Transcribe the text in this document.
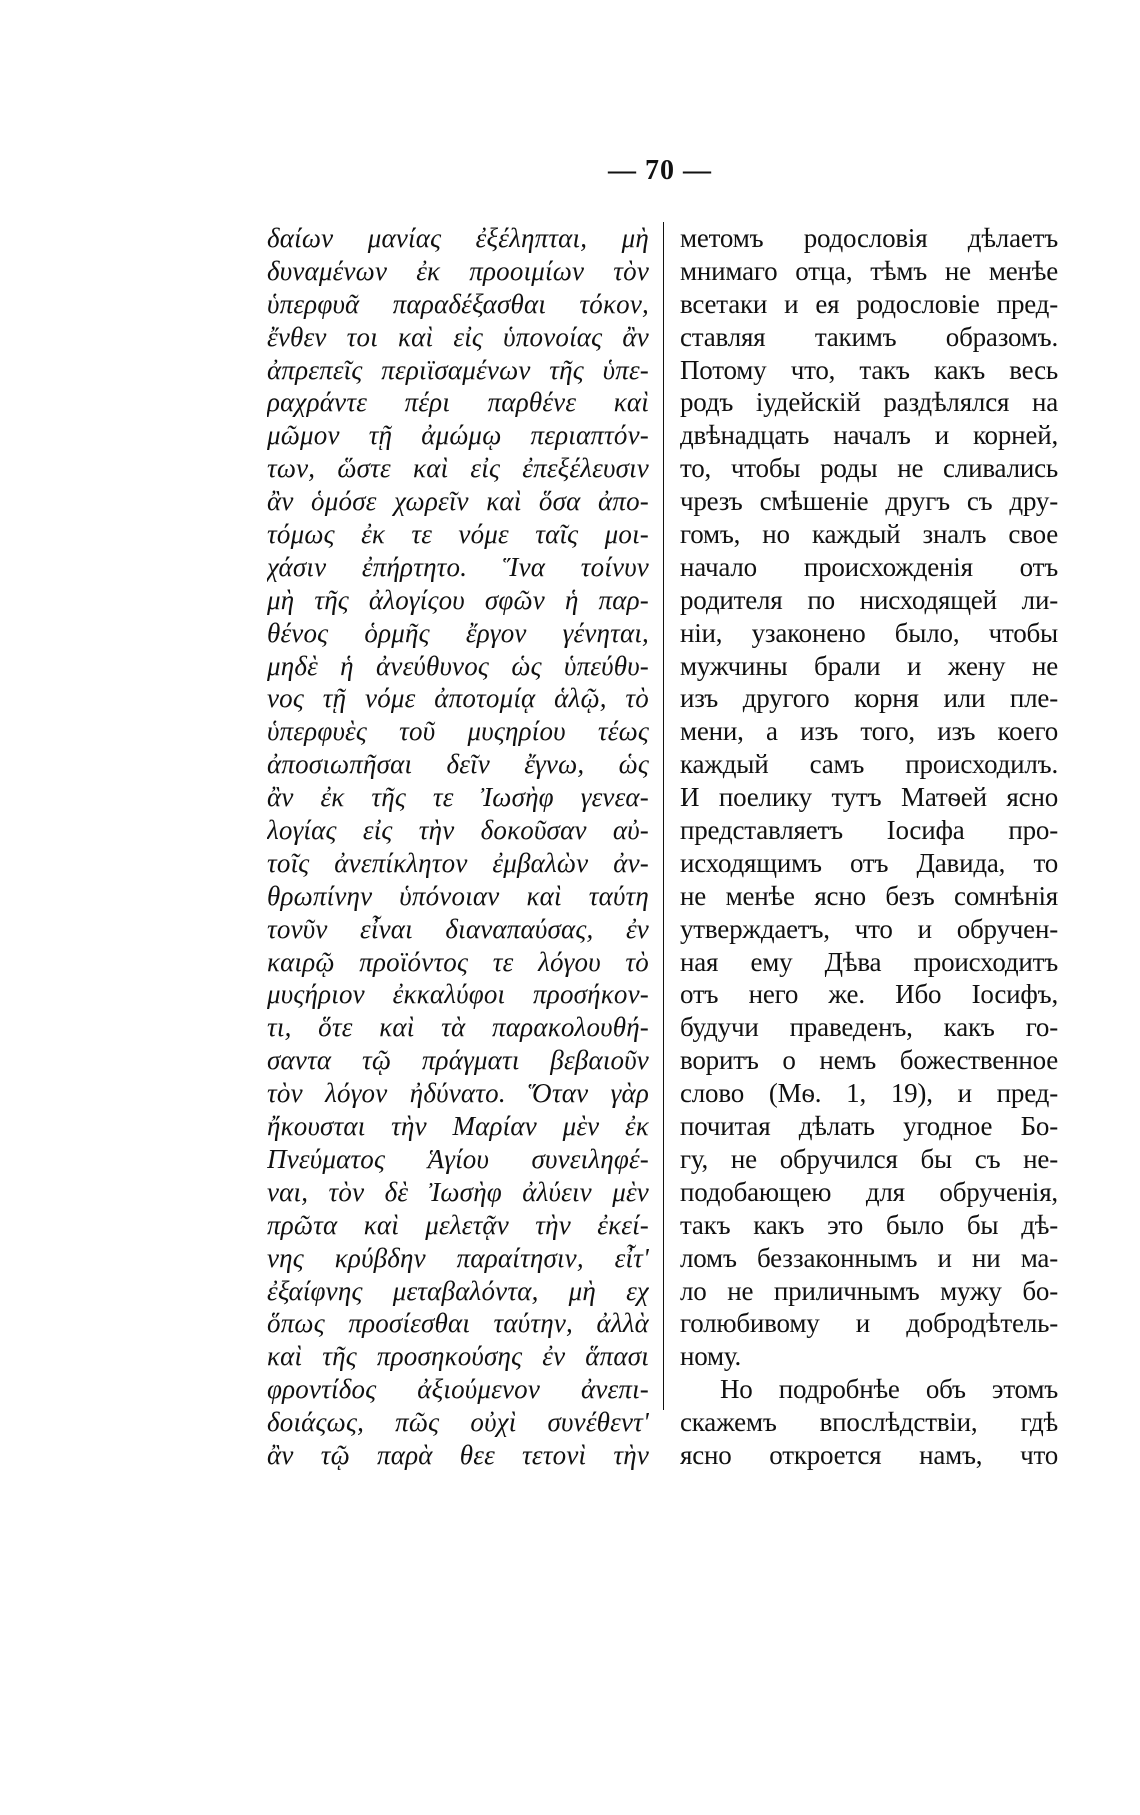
— 70 —
δαίων μανίας ἐξέληπται, μὴ
δυναμένων ἐκ προοιμίων τὸν
ὑπερφυᾶ παραδέξασθαι τόκον,
ἔνθεν τοι καὶ εἰς ὑπονοίας ἂν
ἀπρεπεῖς περιϊσαμένων τῆς ὑπε-
ραχράντε πέρι παρθένε καὶ
μῶμον τῇ ἀμώμῳ περιαπτόν-
των, ὥστε καὶ εἰς ἐπεξέλευσιν
ἂν ὁμόσε χωρεῖν καὶ ὅσα ἀπο-
τόμως ἐκ τε νόμε ταῖς μοι-
χάσιν ἐπήρτητο. Ἵνα τοίνυν
μὴ τῆς ἀλογίςου σφῶν ἡ παρ-
θένος ὁρμῆς ἔργον γένηται,
μηδὲ ἡ ἀνεύθυνος ὡς ὑπεύθυ-
νος τῇ νόμε ἀποτομίᾳ ἁλῷ, τὸ
ὑπερφυὲς τοῦ μυςηρίου τέως
ἀποσιωπῆσαι δεῖν ἔγνω, ὡς
ἂν ἐκ τῆς τε Ἰωσὴφ γενεα-
λογίας εἰς τὴν δοκοῦσαν αὐ-
τοῖς ἀνεπίκλητον ἐμβαλὼν ἀν-
θρωπίνην ὑπόνοιαν καὶ ταύτη
τονῦν εἶναι διαναπαύσας, ἐν
καιρῷ προϊόντος τε λόγου τὸ
μυςήριον ἐκκαλύφοι προσήκον-
τι, ὅτε καὶ τὰ παρακολουθή-
σαντα τῷ πράγματι βεβαιοῦν
τὸν λόγον ἠδύνατο. Ὅταν γὰρ
ἤκουσται τὴν Μαρίαν μὲν ἐκ
Πνεύματος Ἁγίου συνειληφέ-
ναι, τὸν δὲ Ἰωσὴφ ἀλύειν μὲν
πρῶτα καὶ μελετᾷν τὴν ἐκεί-
νης κρύβδην παραίτησιν, εἶτ'
ἐξαίφνης μεταβαλόντα, μὴ εχ
ὅπως προσίεσθαι ταύτην, ἀλλὰ
καὶ τῆς προσηκούσης ἐν ἅπασι
φροντίδος ἀξιούμενον ἀνεπι-
δοιάςως, πῶς οὐχὶ συνέθεντ'
ἂν τῷ παρὰ θεε τετονὶ τὴν
метомъ родословія дѣлаетъ
мнимаго отца, тѣмъ не менѣе
всетаки и ея родословіе пред-
ставляя такимъ образомъ.
Потому что, такъ какъ весь
родъ іудейскій раздѣлялся на
двѣнадцать началъ и корней,
то, чтобы роды не сливались
чрезъ смѣшеніе другъ съ дру-
гомъ, но каждый зналъ свое
начало происхожденія отъ
родителя по нисходящей ли-
ніи, узаконено было, чтобы
мужчины брали и жену не
изъ другого корня или пле-
мени, а изъ того, изъ коего
каждый самъ происходилъ.
И поелику тутъ Матѳей ясно
представляетъ Іосифа про-
исходящимъ отъ Давида, то
не менѣе ясно безъ сомнѣнія
утверждаетъ, что и обручен-
ная ему Дѣва происходитъ
отъ него же. Ибо Іосифъ,
будучи праведенъ, какъ го-
воритъ о немъ божественное
слово (Мѳ. 1, 19), и пред-
почитая дѣлать угодное Бо-
гу, не обручился бы съ не-
подобающею для обрученія,
такъ какъ это было бы дѣ-
ломъ беззаконнымъ и ни ма-
ло не приличнымъ мужу бо-
голюбивому и добродѣтель-
ному.
Но подробнѣе объ этомъ
скажемъ впослѣдствіи, гдѣ
ясно откроется намъ, что
